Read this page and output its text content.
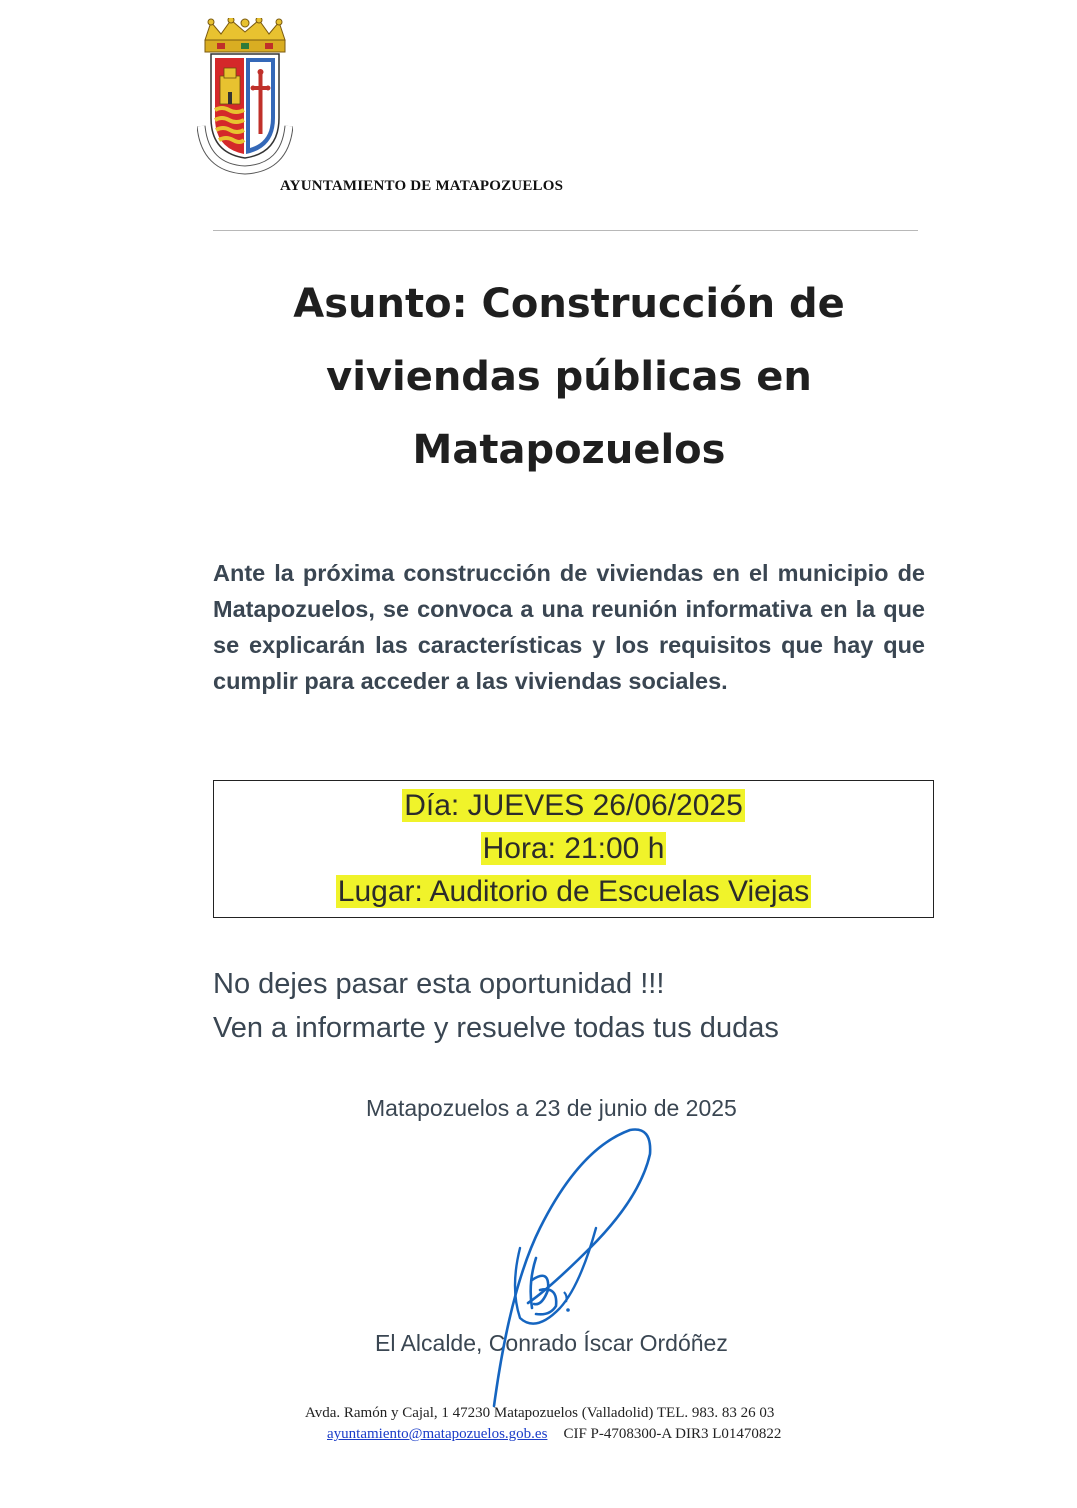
AYUNTAMIENTO DE MATAPOZUELOS

Asunto: Construcción de
viviendas públicas en
Matapozuelos

Ante la próxima construcción de viviendas en el municipio de Matapozuelos, se convoca a una reunión informativa en la que se explicarán las características y los requisitos que hay que cumplir para acceder a las viviendas sociales.

Día: JUEVES 26/06/2025
Hora: 21:00 h
Lugar: Auditorio de Escuelas Viejas

No dejes pasar esta oportunidad !!!
Ven a informarte y resuelve todas tus dudas

Matapozuelos a 23 de junio de 2025

El Alcalde, Conrado Íscar Ordóñez

Avda. Ramón y Cajal, 1 47230 Matapozuelos (Valladolid) TEL. 983. 83 26 03

ayuntamiento@matapozuelos.gob.es CIF P-4708300-A DIR3 L01470822
